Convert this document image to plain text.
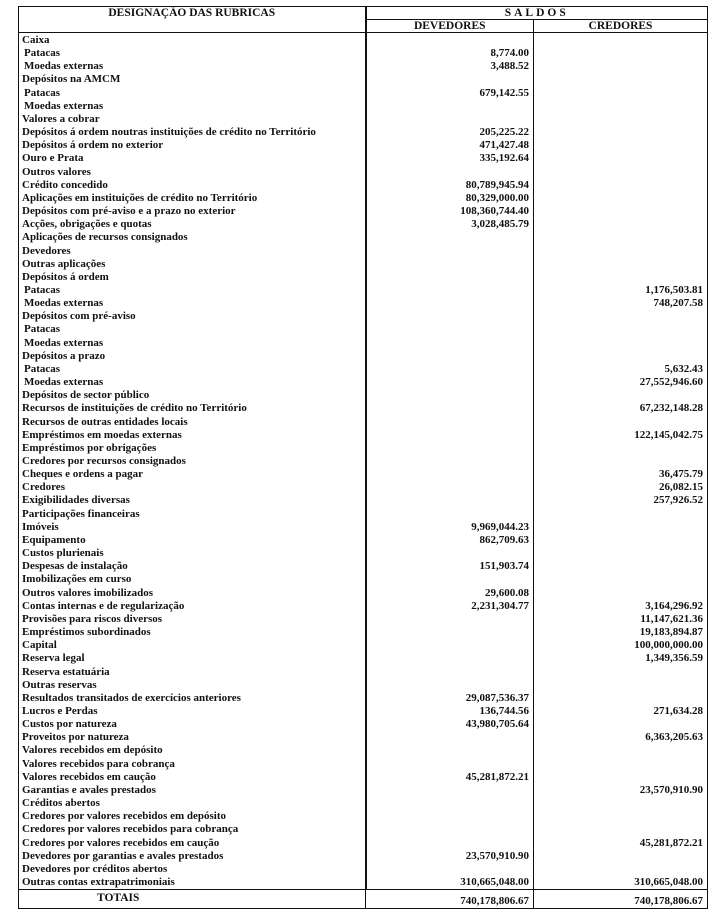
DESIGNAÇÃO DAS RUBRICAS	SALDOS	
	DEVEDORES	CREDORES
Caixa		
Patacas	8,774.00	
Moedas externas	3,488.52	
Depósitos na AMCM		
Patacas	679,142.55	
Moedas externas		
Valores a cobrar		
Depósitos á ordem noutras instituições de crédito no Território	205,225.22	
Depósitos á ordem no exterior	471,427.48	
Ouro e Prata	335,192.64	
Outros valores		
Crédito concedido	80,789,945.94	
Aplicações em instituições de crédito no Território	80,329,000.00	
Depósitos com pré-aviso e a prazo no exterior	108,360,744.40	
Acções, obrigações e quotas	3,028,485.79	
Aplicações de recursos consignados		
Devedores		
Outras aplicações		
Depósitos á ordem		
Patacas		1,176,503.81
Moedas externas		748,207.58
Depósitos com pré-aviso		
Patacas		
Moedas externas		
Depósitos a prazo		
Patacas		5,632.43
Moedas externas		27,552,946.60
Depósitos de sector público		
Recursos de instituições de crédito no Território		67,232,148.28
Recursos de outras entidades locais		
Empréstimos em moedas externas		122,145,042.75
Empréstimos por obrigações		
Credores por recursos consignados		
Cheques e ordens a pagar		36,475.79
Credores		26,082.15
Exigibilidades diversas		257,926.52
Participações financeiras		
Imóveis	9,969,044.23	
Equipamento	862,709.63	
Custos plurienais		
Despesas de instalação	151,903.74	
Imobilizações em curso		
Outros valores imobilizados	29,600.08	
Contas internas e de regularização	2,231,304.77	3,164,296.92
Provisões para riscos diversos		11,147,621.36
Empréstimos subordinados		19,183,894.87
Capital		100,000,000.00
Reserva legal		1,349,356.59
Reserva estatuária		
Outras reservas		
Resultados transitados de exercícios anteriores	29,087,536.37	
Lucros e Perdas	136,744.56	271,634.28
Custos por natureza	43,980,705.64	
Proveitos por natureza		6,363,205.63
Valores recebidos em depósito		
Valores recebidos para cobrança		
Valores recebidos em caução	45,281,872.21	
Garantias e avales prestados		23,570,910.90
Créditos abertos		
Credores por valores recebidos em depósito		
Credores por valores recebidos para cobrança		
Credores por valores recebidos em caução		45,281,872.21
Devedores por garantias e avales prestados	23,570,910.90	
Devedores por créditos abertos		
Outras contas extrapatrimoniais	310,665,048.00	310,665,048.00
TOTAIS	740,178,806.67	740,178,806.67
